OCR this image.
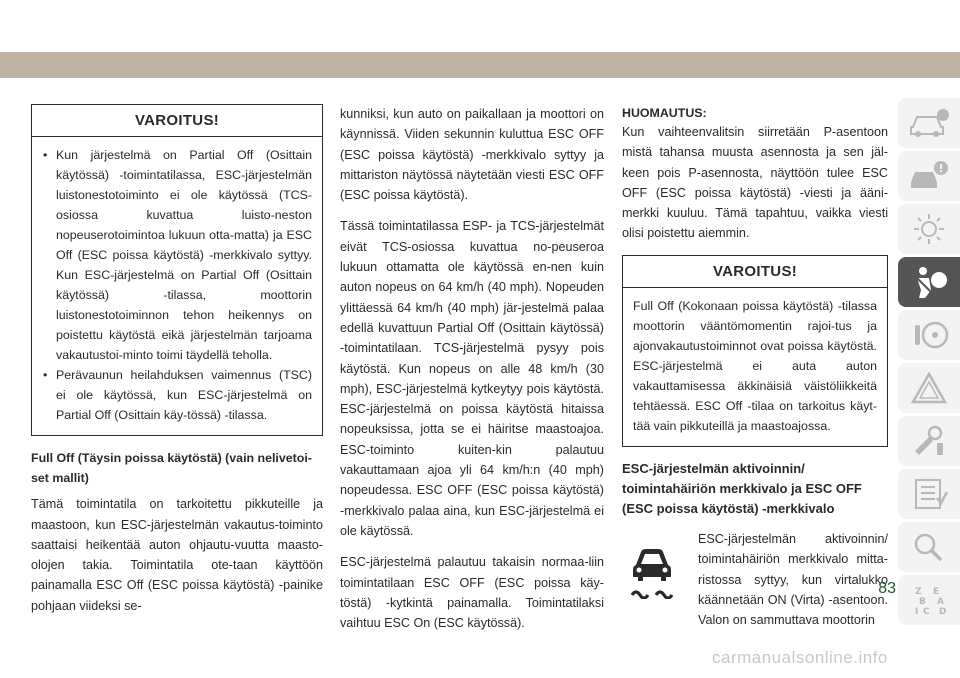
VAROITUS!
• Kun järjestelmä on Partial Off (Osittain käytössä) -toimintatilassa, ESC-järjestelmän luistonestotoiminto ei ole käytössä (TCS-osiossa kuvattua luisto-neston nopeuserotoimintoa lukuun otta-matta) ja ESC Off (ESC poissa käytöstä) -merkkivalo syttyy. Kun ESC-järjestelmä on Partial Off (Osittain käytössä) -tilassa, moottorin luistonestotoiminnon tehon heikennys on poistettu käytöstä eikä järjestelmän tarjoama vakautustoi-minto toimi täydellä teholla.
• Perävaunun heilahduksen vaimennus (TSC) ei ole käytössä, kun ESC-järjestelmä on Partial Off (Osittain käy-tössä) -tilassa.
Full Off (Täysin poissa käytöstä) (vain nelivetoi-set mallit)

Tämä toimintatila on tarkoitettu pikkuteille ja maastoon, kun ESC-järjestelmän vakautus-toiminto saattaisi heikentää auton ohjautu-vuutta maasto-olojen takia. Toimintatila ote-taan käyttöön painamalla ESC Off (ESC poissa käytöstä) -painike pohjaan viideksi se-

kunniksi, kun auto on paikallaan ja moottori on käynnissä. Viiden sekunnin kuluttua ESC OFF (ESC poissa käytöstä) -merkkivalo syttyy ja mittariston näytössä näytetään viesti ESC OFF (ESC poissa käytöstä).

Tässä toimintatilassa ESP- ja TCS-järjestelmät eivät TCS-osiossa kuvattua no-peuseroa lukuun ottamatta ole käytössä en-nen kuin auton nopeus on 64 km/h (40 mph). Nopeuden ylittäessä 64 km/h (40 mph) jär-jestelmä palaa edellä kuvattuun Partial Off (Osittain käytössä) -toimintatilaan. TCS-järjestelmä pysyy pois käytöstä. Kun nopeus on alle 48 km/h (30 mph), ESC-järjestelmä kytkeytyy pois käytöstä. ESC-järjestelmä on poissa käytöstä hitaissa nopeuksissa, jotta se ei häiritse maastoajoa. ESC-toiminto kuiten-kin palautuu vakauttamaan ajoa yli 64 km/h:n (40 mph) nopeudessa. ESC OFF (ESC poissa käytöstä) -merkkivalo palaa aina, kun ESC-järjestelmä ei ole käytössä.

ESC-järjestelmä palautuu takaisin normaa-liin toimintatilaan ESC OFF (ESC poissa käy-töstä) -kytkintä painamalla. Toimintatilaksi vaihtuu ESC On (ESC käytössä).

HUOMAUTUS:

Kun vaihteenvalitsin siirretään P-asentoon mistä tahansa muusta asennosta ja sen jäl-keen pois P-asennosta, näyttöön tulee ESC OFF (ESC poissa käytöstä) -viesti ja ääni-merkki kuuluu. Tämä tapahtuu, vaikka viesti olisi poistettu aiemmin.

VAROITUS!
Full Off (Kokonaan poissa käytöstä) -tilassa moottorin vääntömomentin rajoi-tus ja ajonvakautustoiminnot ovat poissa käytöstä. ESC-järjestelmä ei auta auton vakauttamisessa äkkinäisiä väistöliikkeitä tehtäessä. ESC Off -tilaa on tarkoitus käyt-tää vain pikkuteillä ja maastoajossa.
ESC-järjestelmän aktivoinnin/ toimintahäiriön merkkivalo ja ESC OFF (ESC poissa käytöstä) -merkkivalo
ESC-järjestelmän aktivoinnin/ toimintahäiriön merkkivalo mitta-ristossa syttyy, kun virtalukko käännetään ON (Virta) -asentoon. Valon on sammuttava moottorin
Z E
B A
I C D
83
carmanualsonline.info
